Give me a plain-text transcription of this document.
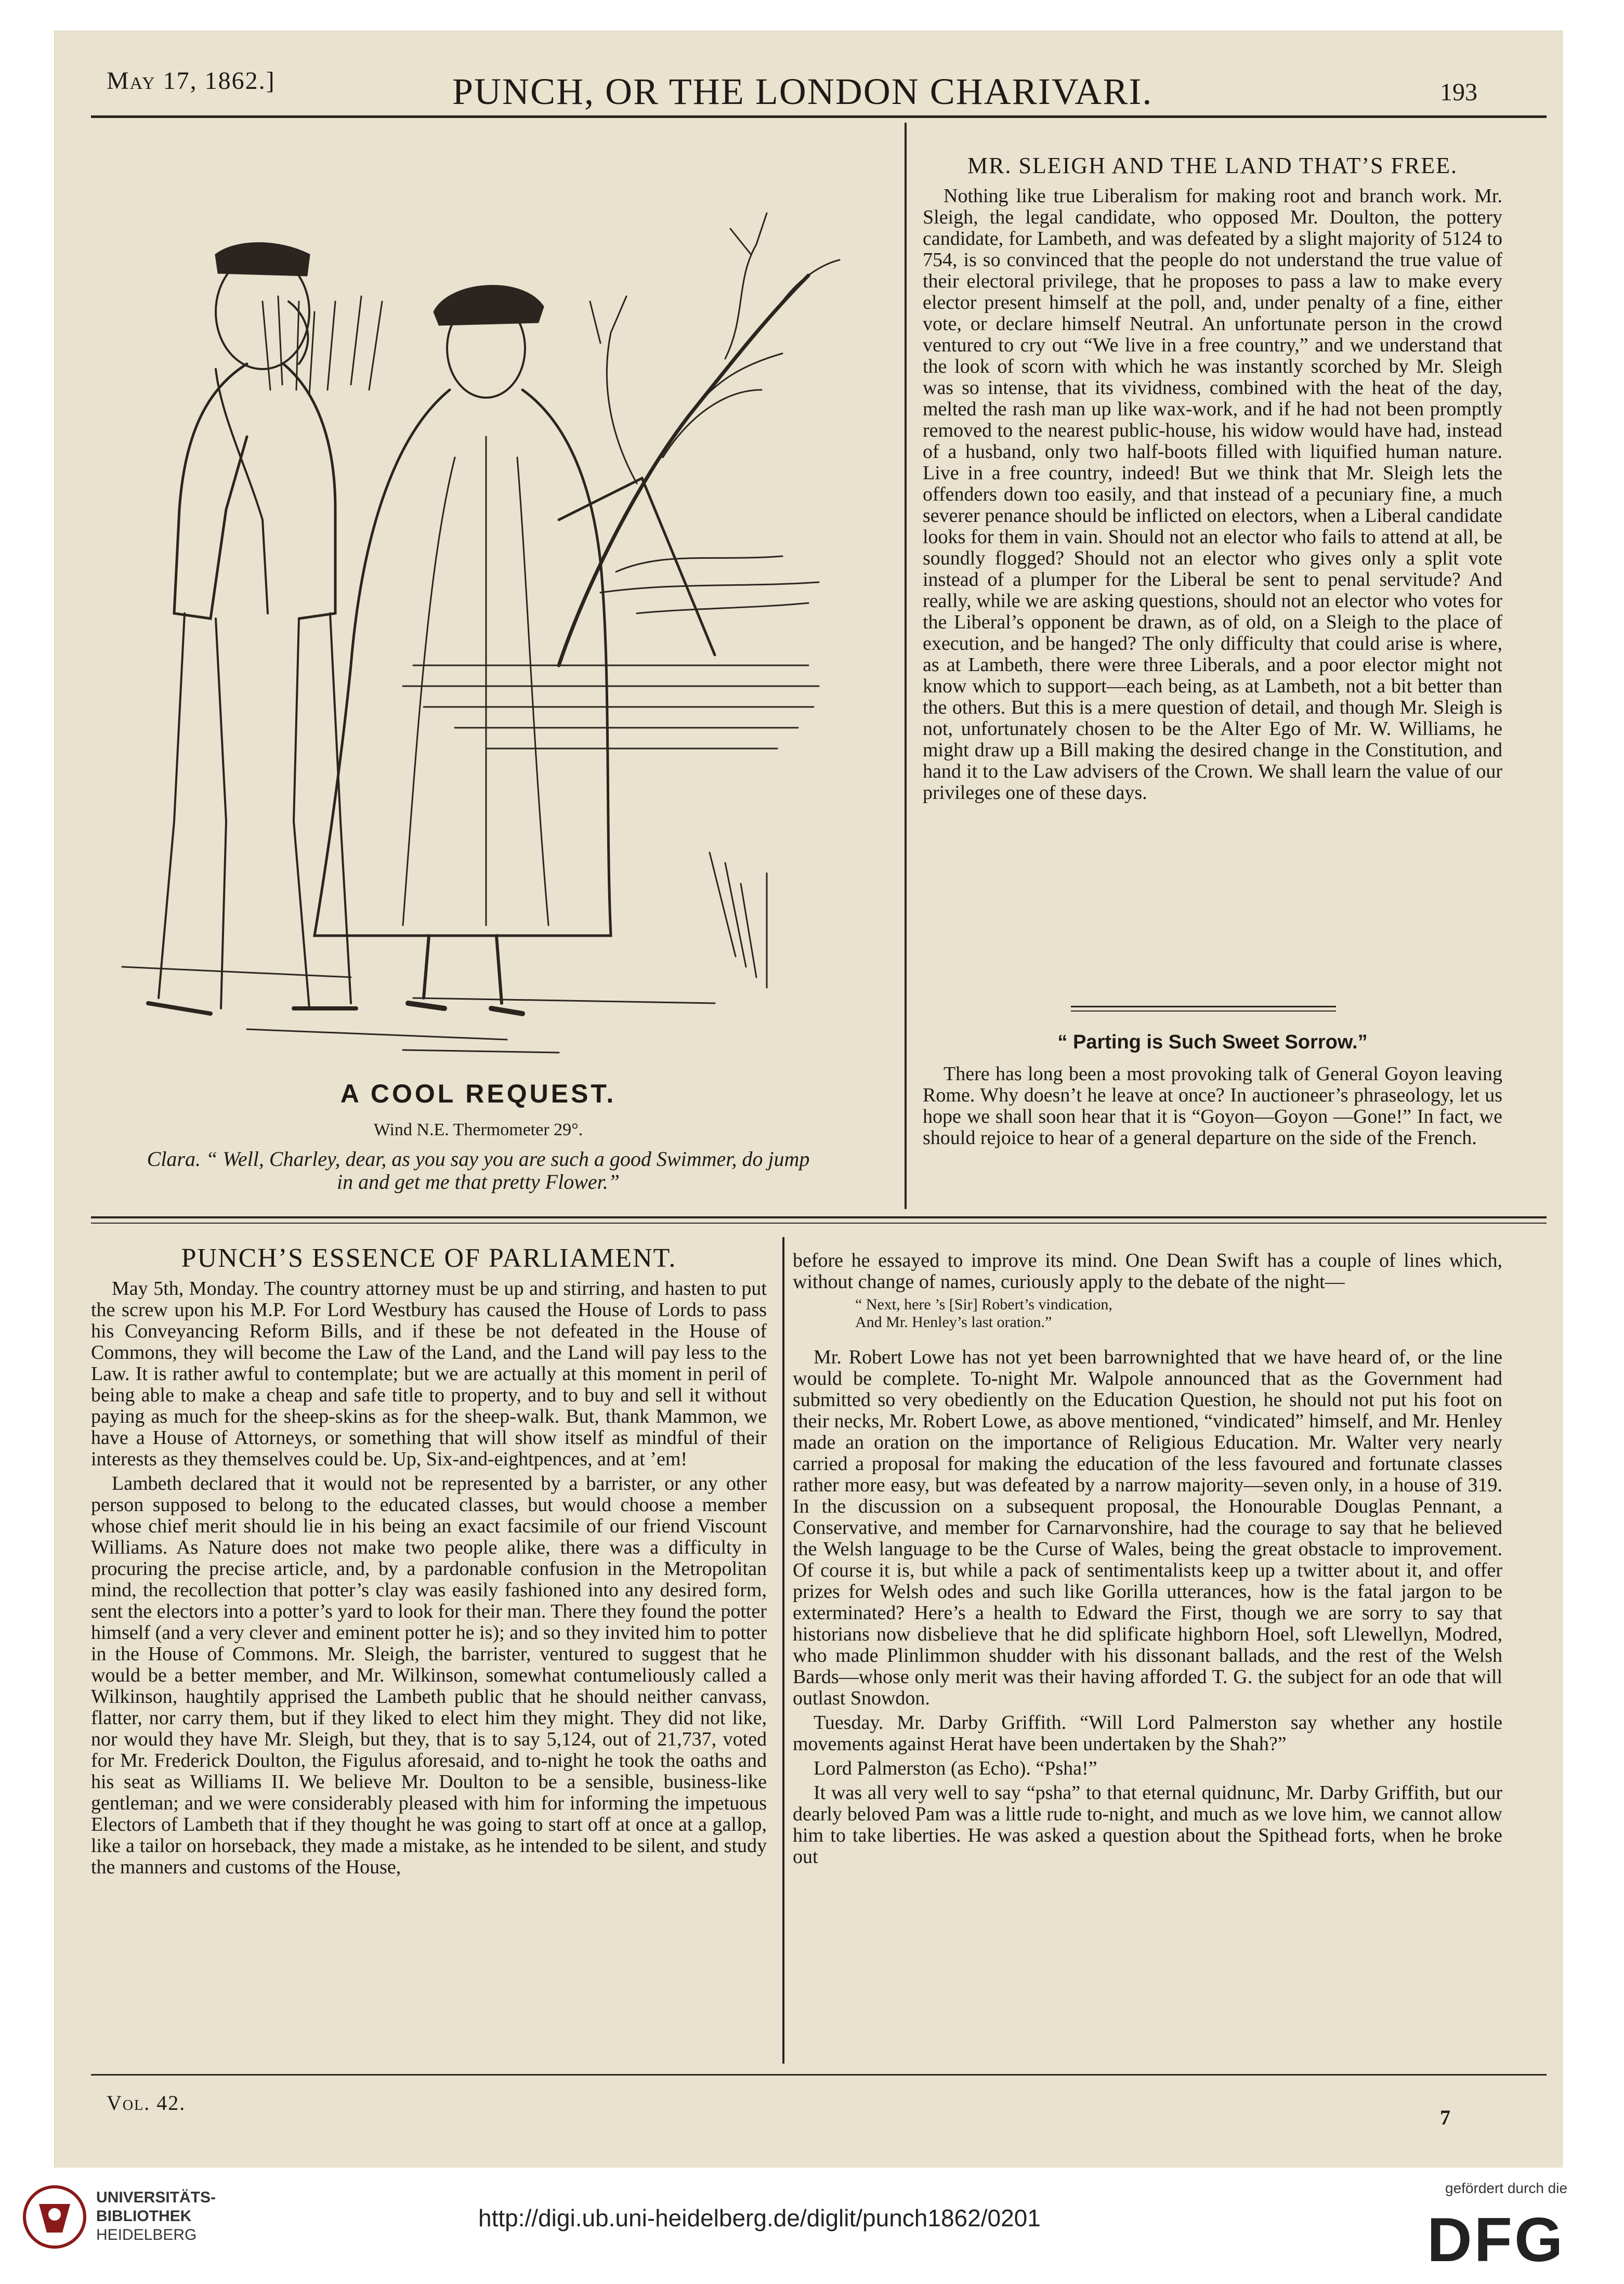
May 17, 1862.]	PUNCH, OR THE LONDON CHARIVARI.	193
A COOL REQUEST.
Wind N.E. Thermometer 29°.
Clara. “ Well, Charley, dear, as you say you are such a good Swimmer, do jump
in and get me that pretty Flower.”
MR. SLEIGH AND THE LAND THAT’S FREE.

Nothing like true Liberalism for making root and branch work. Mr. Sleigh, the legal candidate, who opposed Mr. Doulton, the pottery candidate, for Lambeth, and was defeated by a slight majority of 5124 to 754, is so convinced that the people do not understand the true value of their electoral privilege, that he proposes to pass a law to make every elector present himself at the poll, and, under penalty of a fine, either vote, or declare himself Neutral. An unfortunate person in the crowd ventured to cry out “We live in a free country,” and we understand that the look of scorn with which he was instantly scorched by Mr. Sleigh was so intense, that its vividness, combined with the heat of the day, melted the rash man up like wax-work, and if he had not been promptly removed to the nearest public-house, his widow would have had, instead of a husband, only two half-boots filled with liquified human nature. Live in a free country, indeed! But we think that Mr. Sleigh lets the offenders down too easily, and that instead of a pecuniary fine, a much severer penance should be inflicted on electors, when a Liberal candidate looks for them in vain. Should not an elector who fails to attend at all, be soundly flogged? Should not an elector who gives only a split vote instead of a plumper for the Liberal be sent to penal servitude? And really, while we are asking questions, should not an elector who votes for the Liberal’s opponent be drawn, as of old, on a Sleigh to the place of execution, and be hanged? The only difficulty that could arise is where, as at Lambeth, there were three Liberals, and a poor elector might not know which to support—each being, as at Lambeth, not a bit better than the others. But this is a mere question of detail, and though Mr. Sleigh is not, unfortunately chosen to be the Alter Ego of Mr. W. Williams, he might draw up a Bill making the desired change in the Constitution, and hand it to the Law advisers of the Crown. We shall learn the value of our privileges one of these days.

“ Parting is Such Sweet Sorrow.”

There has long been a most provoking talk of General Goyon leaving Rome. Why doesn’t he leave at once? In auctioneer’s phraseology, let us hope we shall soon hear that it is “Goyon—Goyon —Gone!” In fact, we should rejoice to hear of a general departure on the side of the French.

PUNCH’S ESSENCE OF PARLIAMENT.

May 5th, Monday. The country attorney must be up and stirring, and hasten to put the screw upon his M.P. For Lord Westbury has caused the House of Lords to pass his Conveyancing Reform Bills, and if these be not defeated in the House of Commons, they will become the Law of the Land, and the Land will pay less to the Law. It is rather awful to contemplate; but we are actually at this moment in peril of being able to make a cheap and safe title to property, and to buy and sell it without paying as much for the sheep-skins as for the sheep-walk. But, thank Mammon, we have a House of Attorneys, or something that will show itself as mindful of their interests as they themselves could be. Up, Six-and-eightpences, and at ’em!

Lambeth declared that it would not be represented by a barrister, or any other person supposed to belong to the educated classes, but would choose a member whose chief merit should lie in his being an exact facsimile of our friend Viscount Williams. As Nature does not make two people alike, there was a difficulty in procuring the precise article, and, by a pardonable confusion in the Metropolitan mind, the recollection that potter’s clay was easily fashioned into any desired form, sent the electors into a potter’s yard to look for their man. There they found the potter himself (and a very clever and eminent potter he is); and so they invited him to potter in the House of Commons. Mr. Sleigh, the barrister, ventured to suggest that he would be a better member, and Mr. Wilkinson, somewhat contumeliously called a Wilkinson, haughtily apprised the Lambeth public that he should neither canvass, flatter, nor carry them, but if they liked to elect him they might. They did not like, nor would they have Mr. Sleigh, but they, that is to say 5,124, out of 21,737, voted for Mr. Frederick Doulton, the Figulus aforesaid, and to-night he took the oaths and his seat as Williams II. We believe Mr. Doulton to be a sensible, business-like gentleman; and we were considerably pleased with him for informing the impetuous Electors of Lambeth that if they thought he was going to start off at once at a gallop, like a tailor on horseback, they made a mistake, as he intended to be silent, and study the manners and customs of the House,

before he essayed to improve its mind. One Dean Swift has a couple of lines which, without change of names, curiously apply to the debate of the night—

“ Next, here ’s [Sir] Robert’s vindication,
And Mr. Henley’s last oration.”

Mr. Robert Lowe has not yet been barrownighted that we have heard of, or the line would be complete. To-night Mr. Walpole announced that as the Government had submitted so very obediently on the Education Question, he should not put his foot on their necks, Mr. Robert Lowe, as above mentioned, “vindicated” himself, and Mr. Henley made an oration on the importance of Religious Education. Mr. Walter very nearly carried a proposal for making the education of the less favoured and fortunate classes rather more easy, but was defeated by a narrow majority—seven only, in a house of 319. In the discussion on a subsequent proposal, the Honourable Douglas Pennant, a Conservative, and member for Carnarvonshire, had the courage to say that he believed the Welsh language to be the Curse of Wales, being the great obstacle to improvement. Of course it is, but while a pack of sentimentalists keep up a twitter about it, and offer prizes for Welsh odes and such like Gorilla utterances, how is the fatal jargon to be exterminated? Here’s a health to Edward the First, though we are sorry to say that historians now disbelieve that he did splificate highborn Hoel, soft Llewellyn, Modred, who made Plinlimmon shudder with his dissonant ballads, and the rest of the Welsh Bards—whose only merit was their having afforded T. G. the subject for an ode that will outlast Snowdon.

Tuesday. Mr. Darby Griffith. “Will Lord Palmerston say whether any hostile movements against Herat have been undertaken by the Shah?”

Lord Palmerston (as Echo). “Psha!”

It was all very well to say “psha” to that eternal quidnunc, Mr. Darby Griffith, but our dearly beloved Pam was a little rude to-night, and much as we love him, we cannot allow him to take liberties. He was asked a question about the Spithead forts, when he broke out

Vol. 42.
7
UNIVERSITÄTS-
BIBLIOTHEK
HEIDELBERG
http://digi.ub.uni-heidelberg.de/diglit/punch1862/0201
gefördert durch die
DFG
